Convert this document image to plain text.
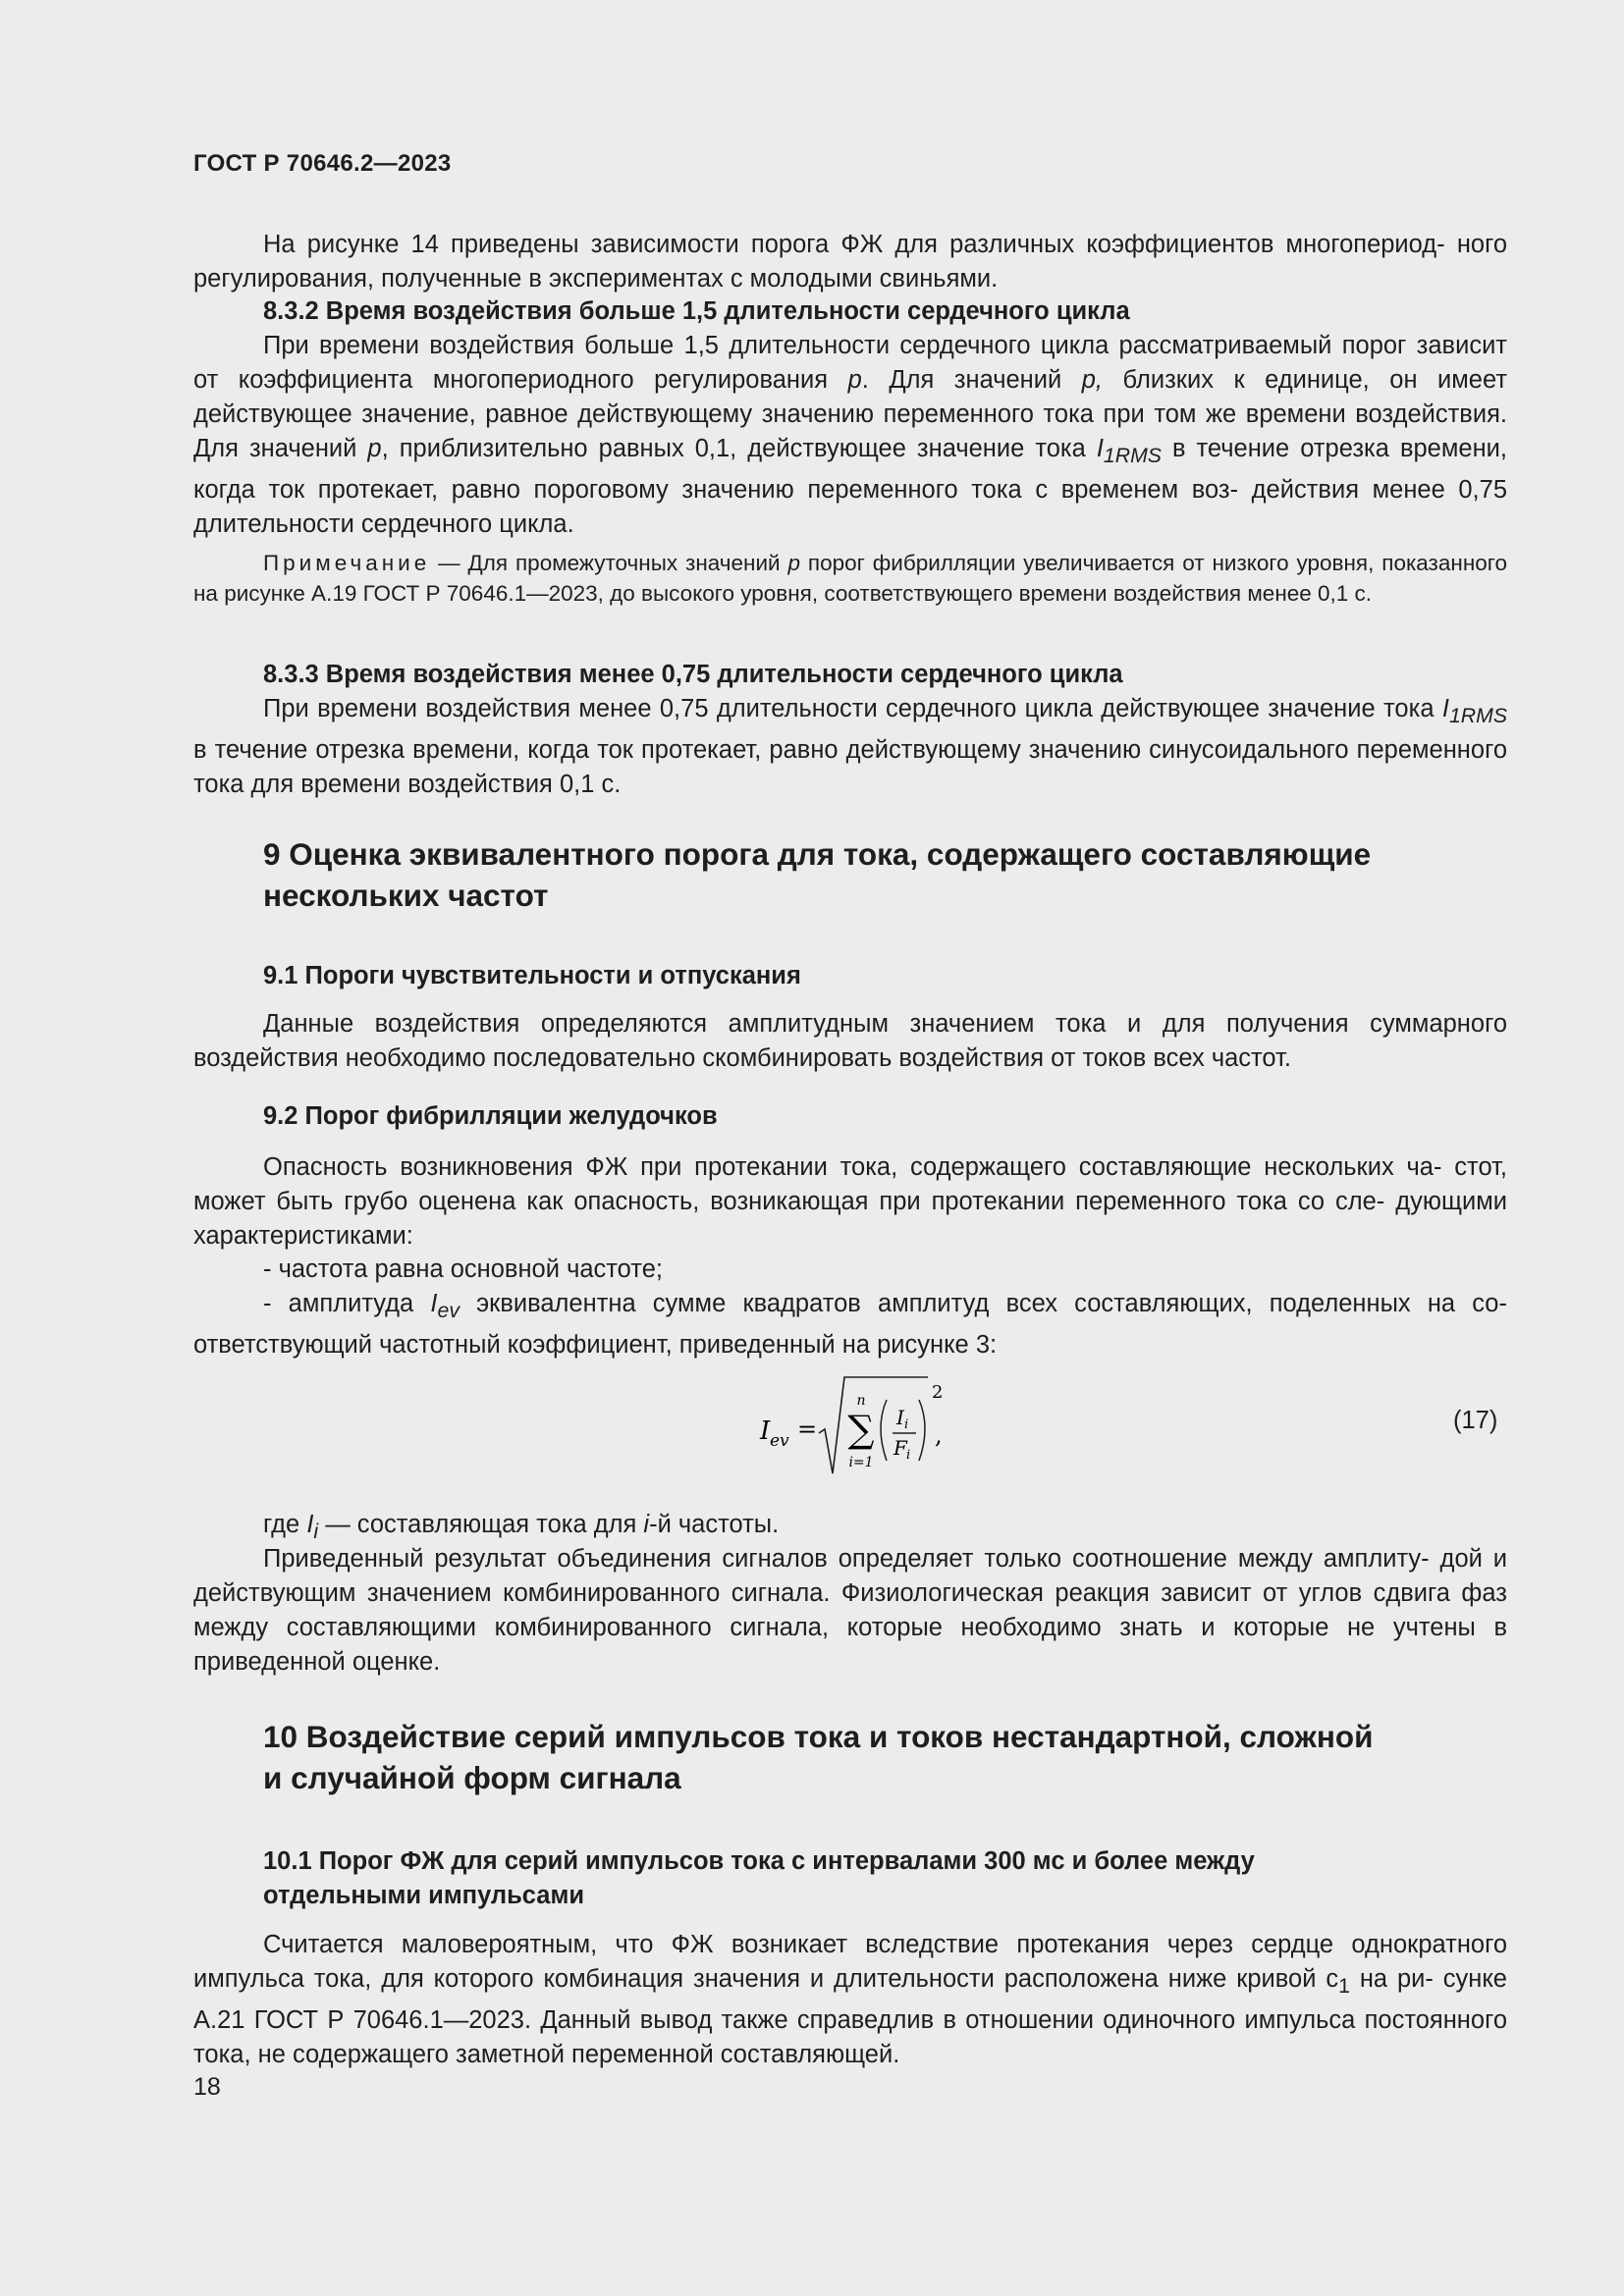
ГОСТ Р 70646.2—2023

На рисунке 14 приведены зависимости порога ФЖ для различных коэффициентов многопериод- ного регулирования, полученные в экспериментах с молодыми свиньями.

8.3.2 Время воздействия больше 1,5 длительности сердечного цикла

При времени воздействия больше 1,5 длительности сердечного цикла рассматриваемый порог зависит от коэффициента многопериодного регулирования p. Для значений p, близких к единице, он имеет действующее значение, равное действующему значению переменного тока при том же времени воздействия. Для значений p, приблизительно равных 0,1, действующее значение тока $I_{1RMS}$ в течение отрезка времени, когда ток протекает, равно пороговому значению переменного тока с временем воз- действия менее 0,75 длительности сердечного цикла.

Примечание — Для промежуточных значений p порог фибрилляции увеличивается от низкого уровня, показанного на рисунке А.19 ГОСТ Р 70646.1—2023, до высокого уровня, соответствующего времени воздействия менее 0,1 с.

8.3.3 Время воздействия менее 0,75 длительности сердечного цикла

При времени воздействия менее 0,75 длительности сердечного цикла действующее значение тока $I_{1RMS}$ в течение отрезка времени, когда ток протекает, равно действующему значению синусоидального переменного тока для времени воздействия 0,1 с.

9 Оценка эквивалентного порога для тока, содержащего составляющие
нескольких частот
9.1 Пороги чувствительности и отпускания

Данные воздействия определяются амплитудным значением тока и для получения суммарного воздействия необходимо последовательно скомбинировать воздействия от токов всех частот.

9.2 Порог фибрилляции желудочков

Опасность возникновения ФЖ при протекании тока, содержащего составляющие нескольких ча- стот, может быть грубо оценена как опасность, возникающая при протекании переменного тока со сле- дующими характеристиками:

- частота равна основной частоте;

- амплитуда $I_{ev}$ эквивалентна сумме квадратов амплитуд всех составляющих, поделенных на со- ответствующий частотный коэффициент, приведенный на рисунке 3:

I ev =
n
∑
i=1
I i
F i
2
,
(17)

где $I_i$ — составляющая тока для i-й частоты.

Приведенный результат объединения сигналов определяет только соотношение между амплиту- дой и действующим значением комбинированного сигнала. Физиологическая реакция зависит от углов сдвига фаз между составляющими комбинированного сигнала, которые необходимо знать и которые не учтены в приведенной оценке.

10 Воздействие серий импульсов тока и токов нестандартной, сложной
и случайной форм сигнала
10.1 Порог ФЖ для серий импульсов тока с интервалами 300 мс и более между
отдельными импульсами

Считается маловероятным, что ФЖ возникает вследствие протекания через сердце однократного импульса тока, для которого комбинация значения и длительности расположена ниже кривой $c_1$ на ри- сунке А.21 ГОСТ Р 70646.1—2023. Данный вывод также справедлив в отношении одиночного импульса постоянного тока, не содержащего заметной переменной составляющей.

18
